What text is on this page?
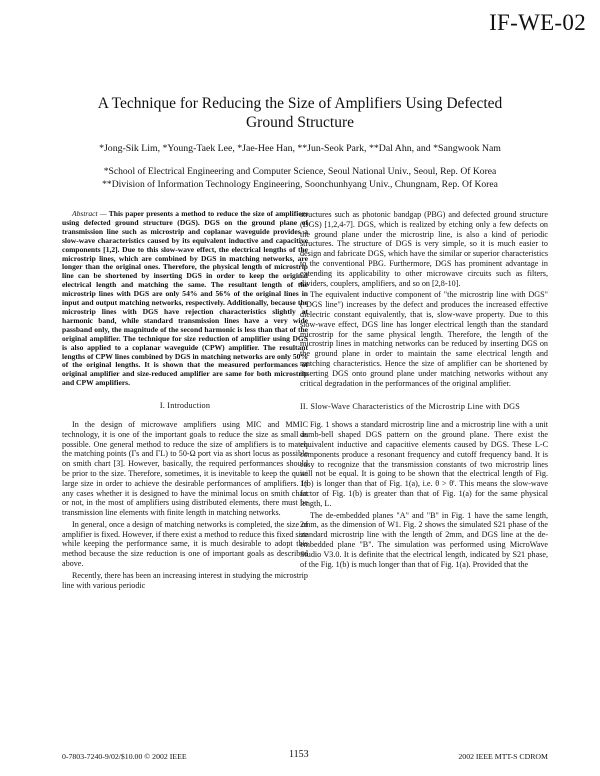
IF-WE-02
A Technique for Reducing the Size of Amplifiers Using Defected
Ground Structure
*Jong-Sik Lim, *Young-Taek Lee, *Jae-Hee Han, **Jun-Seok Park, **Dal Ahn, and *Sangwook Nam
*School of Electrical Engineering and Computer Science, Seoul National Univ., Seoul, Rep. Of Korea
**Division of Information Technology Engineering, Soonchunhyang Univ., Chungnam, Rep. Of Korea

Abstract — This paper presents a method to reduce the size of amplifiers using defected ground structure (DGS). DGS on the ground plane of transmission line such as microstrip and coplanar waveguide provides a slow-wave characteristics caused by its equivalent inductive and capacitive components [1,2]. Due to this slow-wave effect, the electrical lengths of the microstrip lines, which are combined by DGS in matching networks, are longer than the original ones. Therefore, the physical length of microstrip line can be shortened by inserting DGS in order to keep the original electrical length and matching the same. The resultant length of the microstrip lines with DGS are only 54% and 56% of the original lines in input and output matching networks, respectively. Additionally, because the microstrip lines with DGS have rejection characteristics slightly at harmonic band, while standard transmission lines have a very wide passband only, the magnitude of the second harmonic is less than that of the original amplifier. The technique for size reduction of amplifier using DGS is also applied to a coplanar waveguide (CPW) amplifier. The resultant lengths of CPW lines combined by DGS in matching networks are only 50% of the original lengths. It is shown that the measured performances of original amplifier and size-reduced amplifier are same for both microstrip and CPW amplifiers.

I. Introduction

In the design of microwave amplifiers using MIC and MMIC technology, it is one of the important goals to reduce the size as small as possible. One general method to reduce the size of amplifiers is to match the matching points (Γs and ΓL) to 50-Ω port via as short locus as possible on smith chart [3]. However, basically, the required performances should be prior to the size. Therefore, sometimes, it is inevitable to keep the quite large size in order to achieve the desirable performances of amplifiers. In any cases whether it is designed to have the minimal locus on smith chart or not, in the most of amplifiers using distributed elements, there must be transmission line elements with finite length in matching networks.

In general, once a design of matching networks is completed, the size of amplifier is fixed. However, if there exist a method to reduce this fixed size while keeping the performance same, it is much desirable to adopt this method because the size reduction is one of important goals as described above.

Recently, there has been an increasing interest in studying the microstrip line with various periodic

structures such as photonic bandgap (PBG) and defected ground structure (DGS) [1,2,4-7]. DGS, which is realized by etching only a few defects on the ground plane under the microstrip line, is also a kind of periodic structures. The structure of DGS is very simple, so it is much easier to design and fabricate DGS, which have the similar or superior characteristics to the conventional PBG. Furthermore, DGS has prominent advantage in extending its applicability to other microwave circuits such as filters, dividers, couplers, amplifiers, and so on [2,8-10].

The equivalent inductive component of "the microstrip line with DGS" ("DGS line") increases by the defect and produces the increased effective dielectric constant equivalently, that is, slow-wave property. Due to this slow-wave effect, DGS line has longer electrical length than the standard microstrip for the same physical length. Therefore, the length of the microstrip lines in matching networks can be reduced by inserting DGS on the ground plane in order to maintain the same electrical length and matching characteristics. Hence the size of amplifier can be shortened by inserting DGS onto ground plane under matching networks without any critical degradation in the performances of the original amplifier.

II. Slow-Wave Characteristics of the Microstrip Line with DGS

Fig. 1 shows a standard microstrip line and a microstrip line with a unit dumb-bell shaped DGS pattern on the ground plane. There exist the equivalent inductive and capacitive elements caused by DGS. These L-C components produce a resonant frequency and cutoff frequency band. It is easy to recognize that the transmission constants of two microstrip lines will not be equal. It is going to be shown that the electrical length of Fig. 1(b) is longer than that of Fig. 1(a), i.e. θ > θ'. This means the slow-wave factor of Fig. 1(b) is greater than that of Fig. 1(a) for the same physical length, L.

The de-embedded planes "A" and "B" in Fig. 1 have the same length, 2mm, as the dimension of W1. Fig. 2 shows the simulated S21 phase of the standard microstrip line with the length of 2mm, and DGS line at the de-embedded plane "B". The simulation was performed using MicroWave Studio V3.0. It is definite that the electrical length, indicated by S21 phase, of the Fig. 1(b) is much longer than that of Fig. 1(a). Provided that the

0-7803-7240-9/02/$10.00 © 2002 IEEE	1153	2002 IEEE MTT-S CDROM
